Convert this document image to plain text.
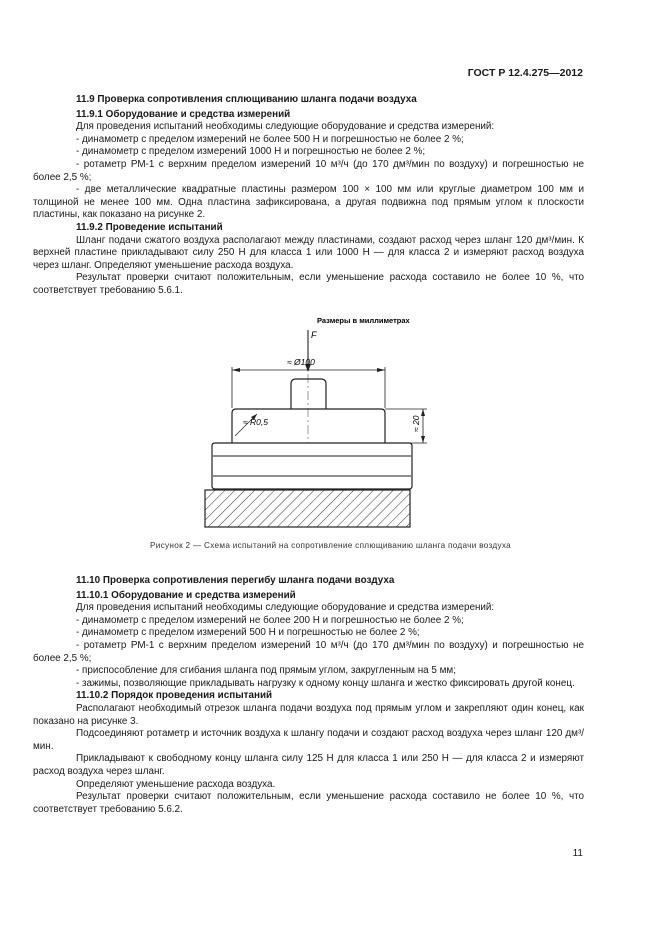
ГОСТ Р 12.4.275—2012

11.9 Проверка сопротивления сплющиванию шланга подачи воздуха

11.9.1 Оборудование и средства измерений

Для проведения испытаний необходимы следующие оборудование и средства измерений:

- динамометр с пределом измерений не более 500 Н и погрешностью не более 2 %;

- динамометр с пределом измерений 1000 Н и погрешностью не более 2 %;

- ротаметр РМ-1 с верхним пределом измерений 10 м³/ч (до 170 дм³/мин по воздуху) и погрешностью не более 2,5 %;

- две металлические квадратные пластины размером 100 × 100 мм или круглые диаметром 100 мм и толщиной не менее 100 мм. Одна пластина зафиксирована, а другая подвижна под прямым углом к плоскости пластины, как показано на рисунке 2.

11.9.2 Проведение испытаний

Шланг подачи сжатого воздуха располагают между пластинами, создают расход через шланг 120 дм³/мин. К верхней пластине прикладывают силу 250 Н для класса 1 или 1000 Н — для класса 2 и измеряют расход воздуха через шланг. Определяют уменьшение расхода воздуха.

Результат проверки считают положительным, если уменьшение расхода составило не более 10 %, что соответствует требованию 5.6.1.

Размеры в миллиметрах
F
≈ Ø100
≈ R0,5	≈ 20
Рисунок 2 — Схема испытаний на сопротивление сплющиванию шланга подачи воздуха

11.10 Проверка сопротивления перегибу шланга подачи воздуха

11.10.1 Оборудование и средства измерений

Для проведения испытаний необходимы следующие оборудование и средства измерений:

- динамометр с пределом измерений не более 200 Н и погрешностью не более 2 %;

- динамометр с пределом измерений 500 Н и погрешностью не более 2 %;

- ротаметр РМ-1 с верхним пределом измерений 10 м³/ч (до 170 дм³/мин по воздуху) и погрешностью не более 2,5 %;

- приспособление для сгибания шланга под прямым углом, закругленным на 5 мм;

- зажимы, позволяющие прикладывать нагрузку к одному концу шланга и жестко фиксировать другой конец.

11.10.2 Порядок проведения испытаний

Располагают необходимый отрезок шланга подачи воздуха под прямым углом и закрепляют один конец, как показано на рисунке 3.

Подсоединяют ротаметр и источник воздуха к шлангу подачи и создают расход воздуха через шланг 120 дм³/мин.

Прикладывают к свободному концу шланга силу 125 Н для класса 1 или 250 Н — для класса 2 и измеряют расход воздуха через шланг.

Определяют уменьшение расхода воздуха.

Результат проверки считают положительным, если уменьшение расхода составило не более 10 %, что соответствует требованию 5.6.2.

11
